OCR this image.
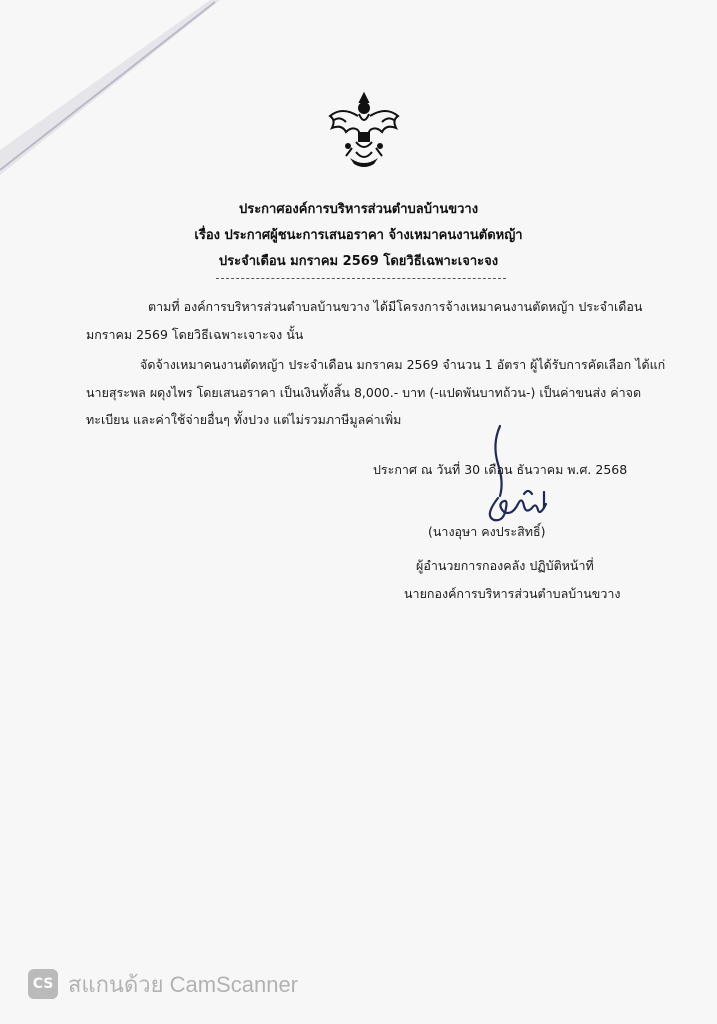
ประกาศองค์การบริหารส่วนตำบลบ้านขวาง
เรื่อง ประกาศผู้ชนะการเสนอราคา จ้างเหมาคนงานตัดหญ้า
ประจำเดือน มกราคม 2569 โดยวิธีเฉพาะเจาะจง
ตามที่ องค์การบริหารส่วนตำบลบ้านขวาง ได้มีโครงการจ้างเหมาคนงานตัดหญ้า ประจำเดือน
มกราคม 2569 โดยวิธีเฉพาะเจาะจง นั้น
จัดจ้างเหมาคนงานตัดหญ้า ประจำเดือน มกราคม 2569 จำนวน 1 อัตรา ผู้ได้รับการคัดเลือก ได้แก่
นายสุระพล ผดุงไพร โดยเสนอราคา เป็นเงินทั้งสิ้น 8,000.- บาท (-แปดพันบาทถ้วน-) เป็นค่าขนส่ง ค่าจด
ทะเบียน และค่าใช้จ่ายอื่นๆ ทั้งปวง แต่ไม่รวมภาษีมูลค่าเพิ่ม
ประกาศ ณ วันที่ 30 เดือน ธันวาคม พ.ศ. 2568
(นางอุษา คงประสิทธิ์)
ผู้อำนวยการกองคลัง ปฏิบัติหน้าที่
นายกองค์การบริหารส่วนตำบลบ้านขวาง
CS สแกนด้วย CamScanner
